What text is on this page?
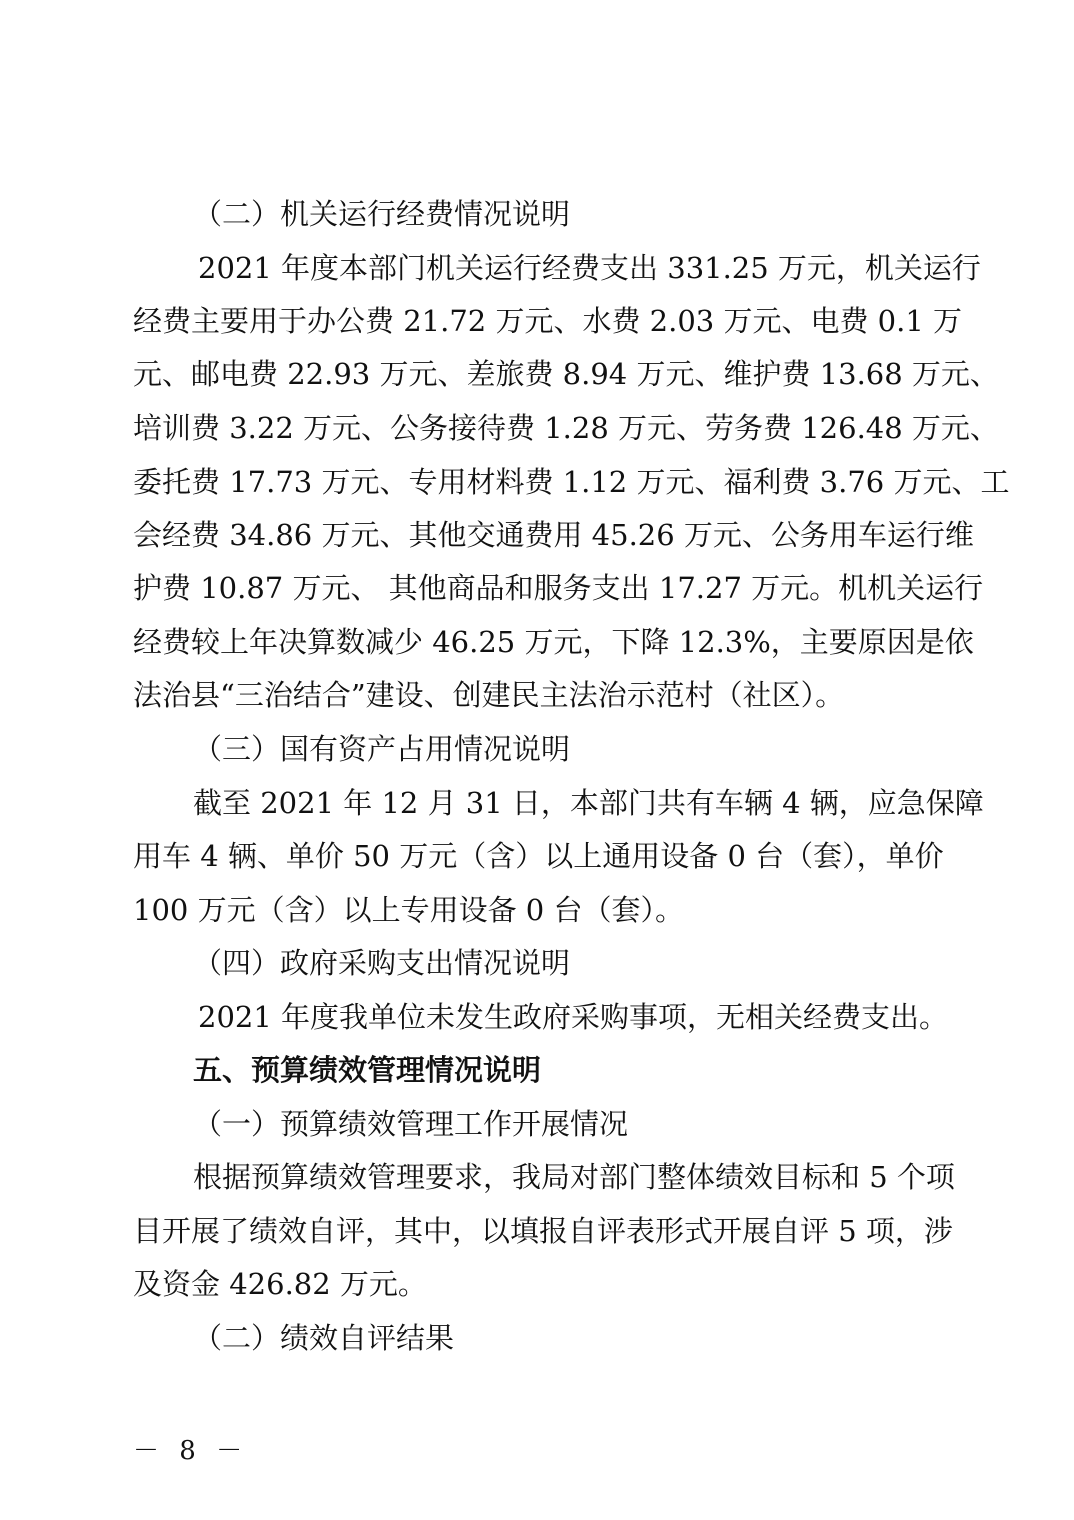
（二）机关运行经费情况说明
2021 年度本部门机关运行经费支出 331.25 万元，机关运行
经费主要用于办公费 21.72 万元、水费 2.03 万元、电费 0.1 万
元、邮电费 22.93 万元、差旅费 8.94 万元、维护费 13.68 万元、
培训费 3.22 万元、公务接待费 1.28 万元、劳务费 126.48 万元、
委托费 17.73 万元、专用材料费 1.12 万元、福利费 3.76 万元、工
会经费 34.86 万元、其他交通费用 45.26 万元、公务用车运行维
护费 10.87 万元、 其他商品和服务支出 17.27 万元。机机关运行
经费较上年决算数减少 46.25 万元，下降 12.3%，主要原因是依
法治县“三治结合”建设、创建民主法治示范村（社区）。
（三）国有资产占用情况说明
截至 2021 年 12 月 31 日，本部门共有车辆 4 辆，应急保障
用车 4 辆、单价 50 万元（含）以上通用设备 0 台（套），单价
100 万元（含）以上专用设备 0 台（套）。
（四）政府采购支出情况说明
2021 年度我单位未发生政府采购事项，无相关经费支出。
五、预算绩效管理情况说明
（一）预算绩效管理工作开展情况
根据预算绩效管理要求，我局对部门整体绩效目标和 5 个项
目开展了绩效自评，其中，以填报自评表形式开展自评 5 项，涉
及资金 426.82 万元。
（二）绩效自评结果
－ 8 －
